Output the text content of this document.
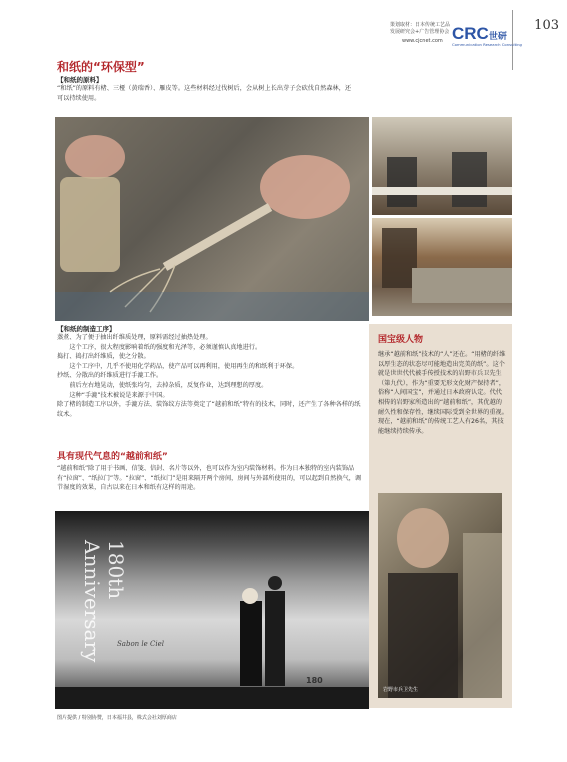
103
策划取材：日本传统工艺品
发展研究会+广告管理协会
www.cjcnet.com CRC世研
Communication Research Consulting
和纸的“环保型”
【和纸的原料】
“和纸”的原料有楮、三桠（黄瑞香）、雁皮等。这些材料经过伐树后，会从树上长出芽子会砍伐自然森林，还可以持续使用。
【和纸的制造工序】
蒸煮、为了便于抽出纤维质处理，原料需经过抽热处理。
　　这个工序，很大程度影响着纸的强度和光泽等，必须谨慎认真地进行。
捣打、捣打出纤维质，使之分散。
　　这个工序中，几乎不使用化学药品，使产品可以再利用，使用再生的和纸利于环保。
抄纸、分散出的纤维质进行手漉工作。
　　前后左右地晃动，使纸张均匀，去掉杂质，反复作业，达到理想的厚度。
　　这种“手漉”技术被说是来源于中国。
除了楮的制造工序以外，手漉方法、装饰纹方法等奠定了“越前和纸”特有的技术，同时，还产生了各种各样的纸纹术。
具有现代气息的“越前和纸”
“越前和纸”除了用于书画、信笺、信封、名片等以外，也可以作为室内装饰材料。作为日本独特的室内装饰品有“拉窗”、“纸拉门”等。“拉窗”、“纸拉门”是用来隔开两个房间，房间与外部所使用的，可以起到自然换气，调节湿度的效果，自古以来在日本和纸有这样的用途。
180th Anniversary	Sabon le Ciel
180
图片提供 / 特别协赞，日本福井县，株式会社刘厚商店
国宝级人物
继承“越前和纸”技术的“人”还在。“用楮的纤维以厚生态的状态尽可能地造出完美的纸”。这个就是世世代代被手传授技术的岩野市兵卫先生（第九代），作为“重要无形文化财产保持者”，俗称“人间国宝”，并通过日本政府认定。代代相传的岩野家所造出的“越前和纸”，其优越的耐久性和保存性，继续国际受到全世界的重视。现在，“越前和纸”的传统工艺人有26名，其技能继续持续传承。
岩野市兵卫先生
